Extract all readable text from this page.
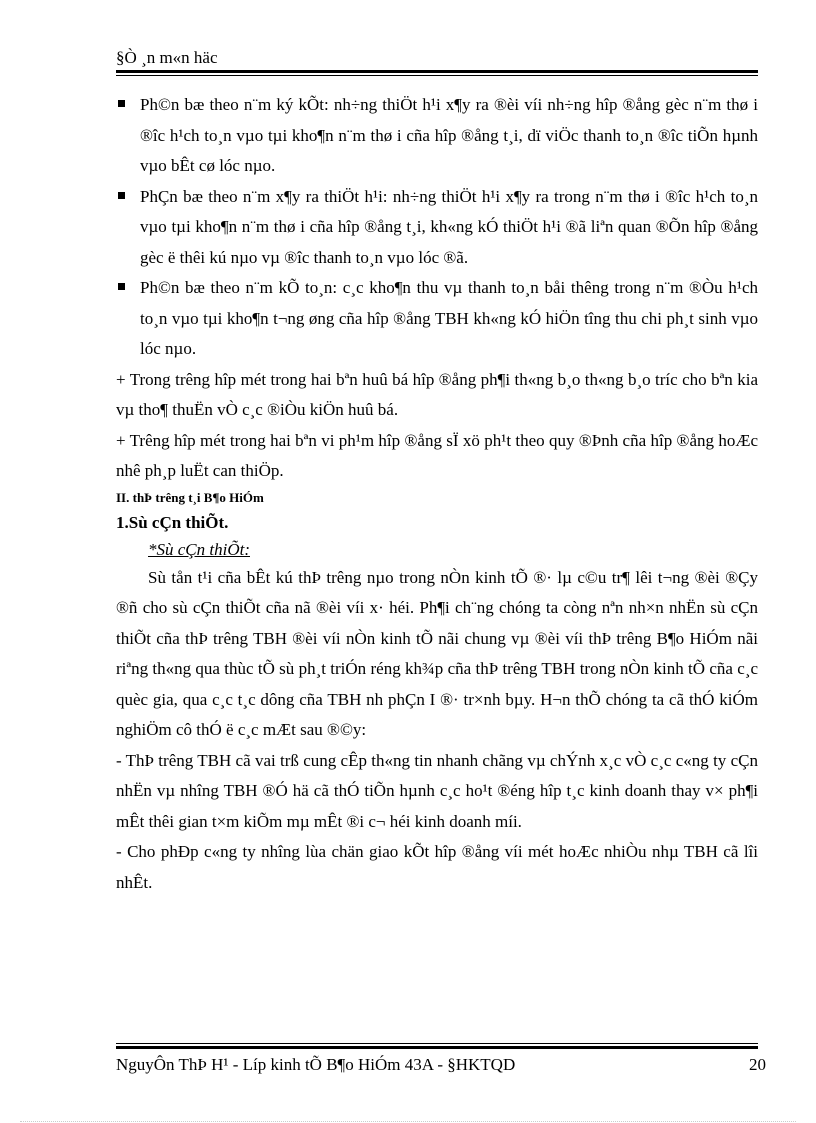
§Ò ¸n m«n häc
Ph©n bæ theo n¨m ký kÕt: nh÷ng thiÖt h¹i x¶y ra ®èi víi nh÷ng hîp ®ång gèc n¨m thø i ®îc h¹ch to¸n vµo tµi kho¶n n¨m thø i cña hîp ®ång t¸i, dï viÖc thanh to¸n ®îc tiÕn hµnh vµo bÊt cø lóc nµo.
PhÇn bæ theo n¨m x¶y ra thiÖt h¹i: nh÷ng thiÖt h¹i x¶y ra trong n¨m thø i ®îc h¹ch to¸n vµo tµi kho¶n n¨m thø i cña hîp ®ång t¸i, kh«ng kÓ thiÖt h¹i ®ã liªn quan ®Õn hîp ®ång gèc ë thêi kú nµo vµ ®îc thanh to¸n vµo lóc ®ã.
Ph©n bæ theo n¨m kÕ to¸n: c¸c kho¶n thu vµ thanh to¸n båi thêng trong n¨m ®Òu h¹ch to¸n vµo tµi kho¶n t¬ng øng cña hîp ®ång TBH kh«ng kÓ hiÖn tîng thu chi ph¸t sinh vµo lóc nµo.
+ Trong trêng hîp mét trong hai bªn huû bá hîp ®ång ph¶i th«ng b¸o th«ng b¸o tríc cho bªn kia vµ tho¶ thuËn vÒ c¸c ®iÒu kiÖn huû bá.
+ Trêng hîp mét trong hai bªn vi ph¹m hîp ®ång sÏ xö ph¹t theo quy ®Þnh cña hîp ®ång hoÆc nhê ph¸p luËt can thiÖp.
II. thÞ trêng t¸i B¶o HiÓm
1.Sù cÇn thiÕt.
*Sù cÇn thiÕt:
Sù tån t¹i cña bÊt kú thÞ trêng nµo trong nÒn kinh tÕ ®· lµ c©u tr¶ lêi t¬ng ®èi ®Çy ®ñ cho sù cÇn thiÕt cña nã ®èi víi x· héi. Ph¶i ch¨ng chóng ta còng nªn nh×n nhËn sù cÇn thiÕt cña thÞ trêng TBH ®èi víi nÒn kinh tÕ nãi chung vµ ®èi víi thÞ trêng B¶o HiÓm nãi riªng th«ng qua thùc tÕ sù ph¸t triÓn réng kh¾p cña thÞ trêng TBH trong nÒn kinh tÕ cña c¸c quèc gia, qua c¸c t¸c dông cña TBH nh phÇn I ®· tr×nh bµy. H¬n thÕ chóng ta cã thÓ kiÓm nghiÖm cô thÓ ë c¸c mÆt sau ®©y:
- ThÞ trêng TBH cã vai trß cung cÊp th«ng tin nhanh chãng vµ chÝnh x¸c vÒ c¸c c«ng ty cÇn nhËn vµ nhîng TBH ®Ó hä cã thÓ tiÕn hµnh c¸c ho¹t ®éng hîp t¸c kinh doanh thay v× ph¶i mÊt thêi gian t×m kiÕm mµ mÊt ®i c¬ héi kinh doanh míi.
- Cho phÐp c«ng ty nhîng lùa chän giao kÕt hîp ®ång víi mét hoÆc nhiÒu nhµ TBH cã lîi nhÊt.
NguyÔn ThÞ H¹ - Líp kinh tÕ B¶o HiÓm 43A - §HKTQD	20
